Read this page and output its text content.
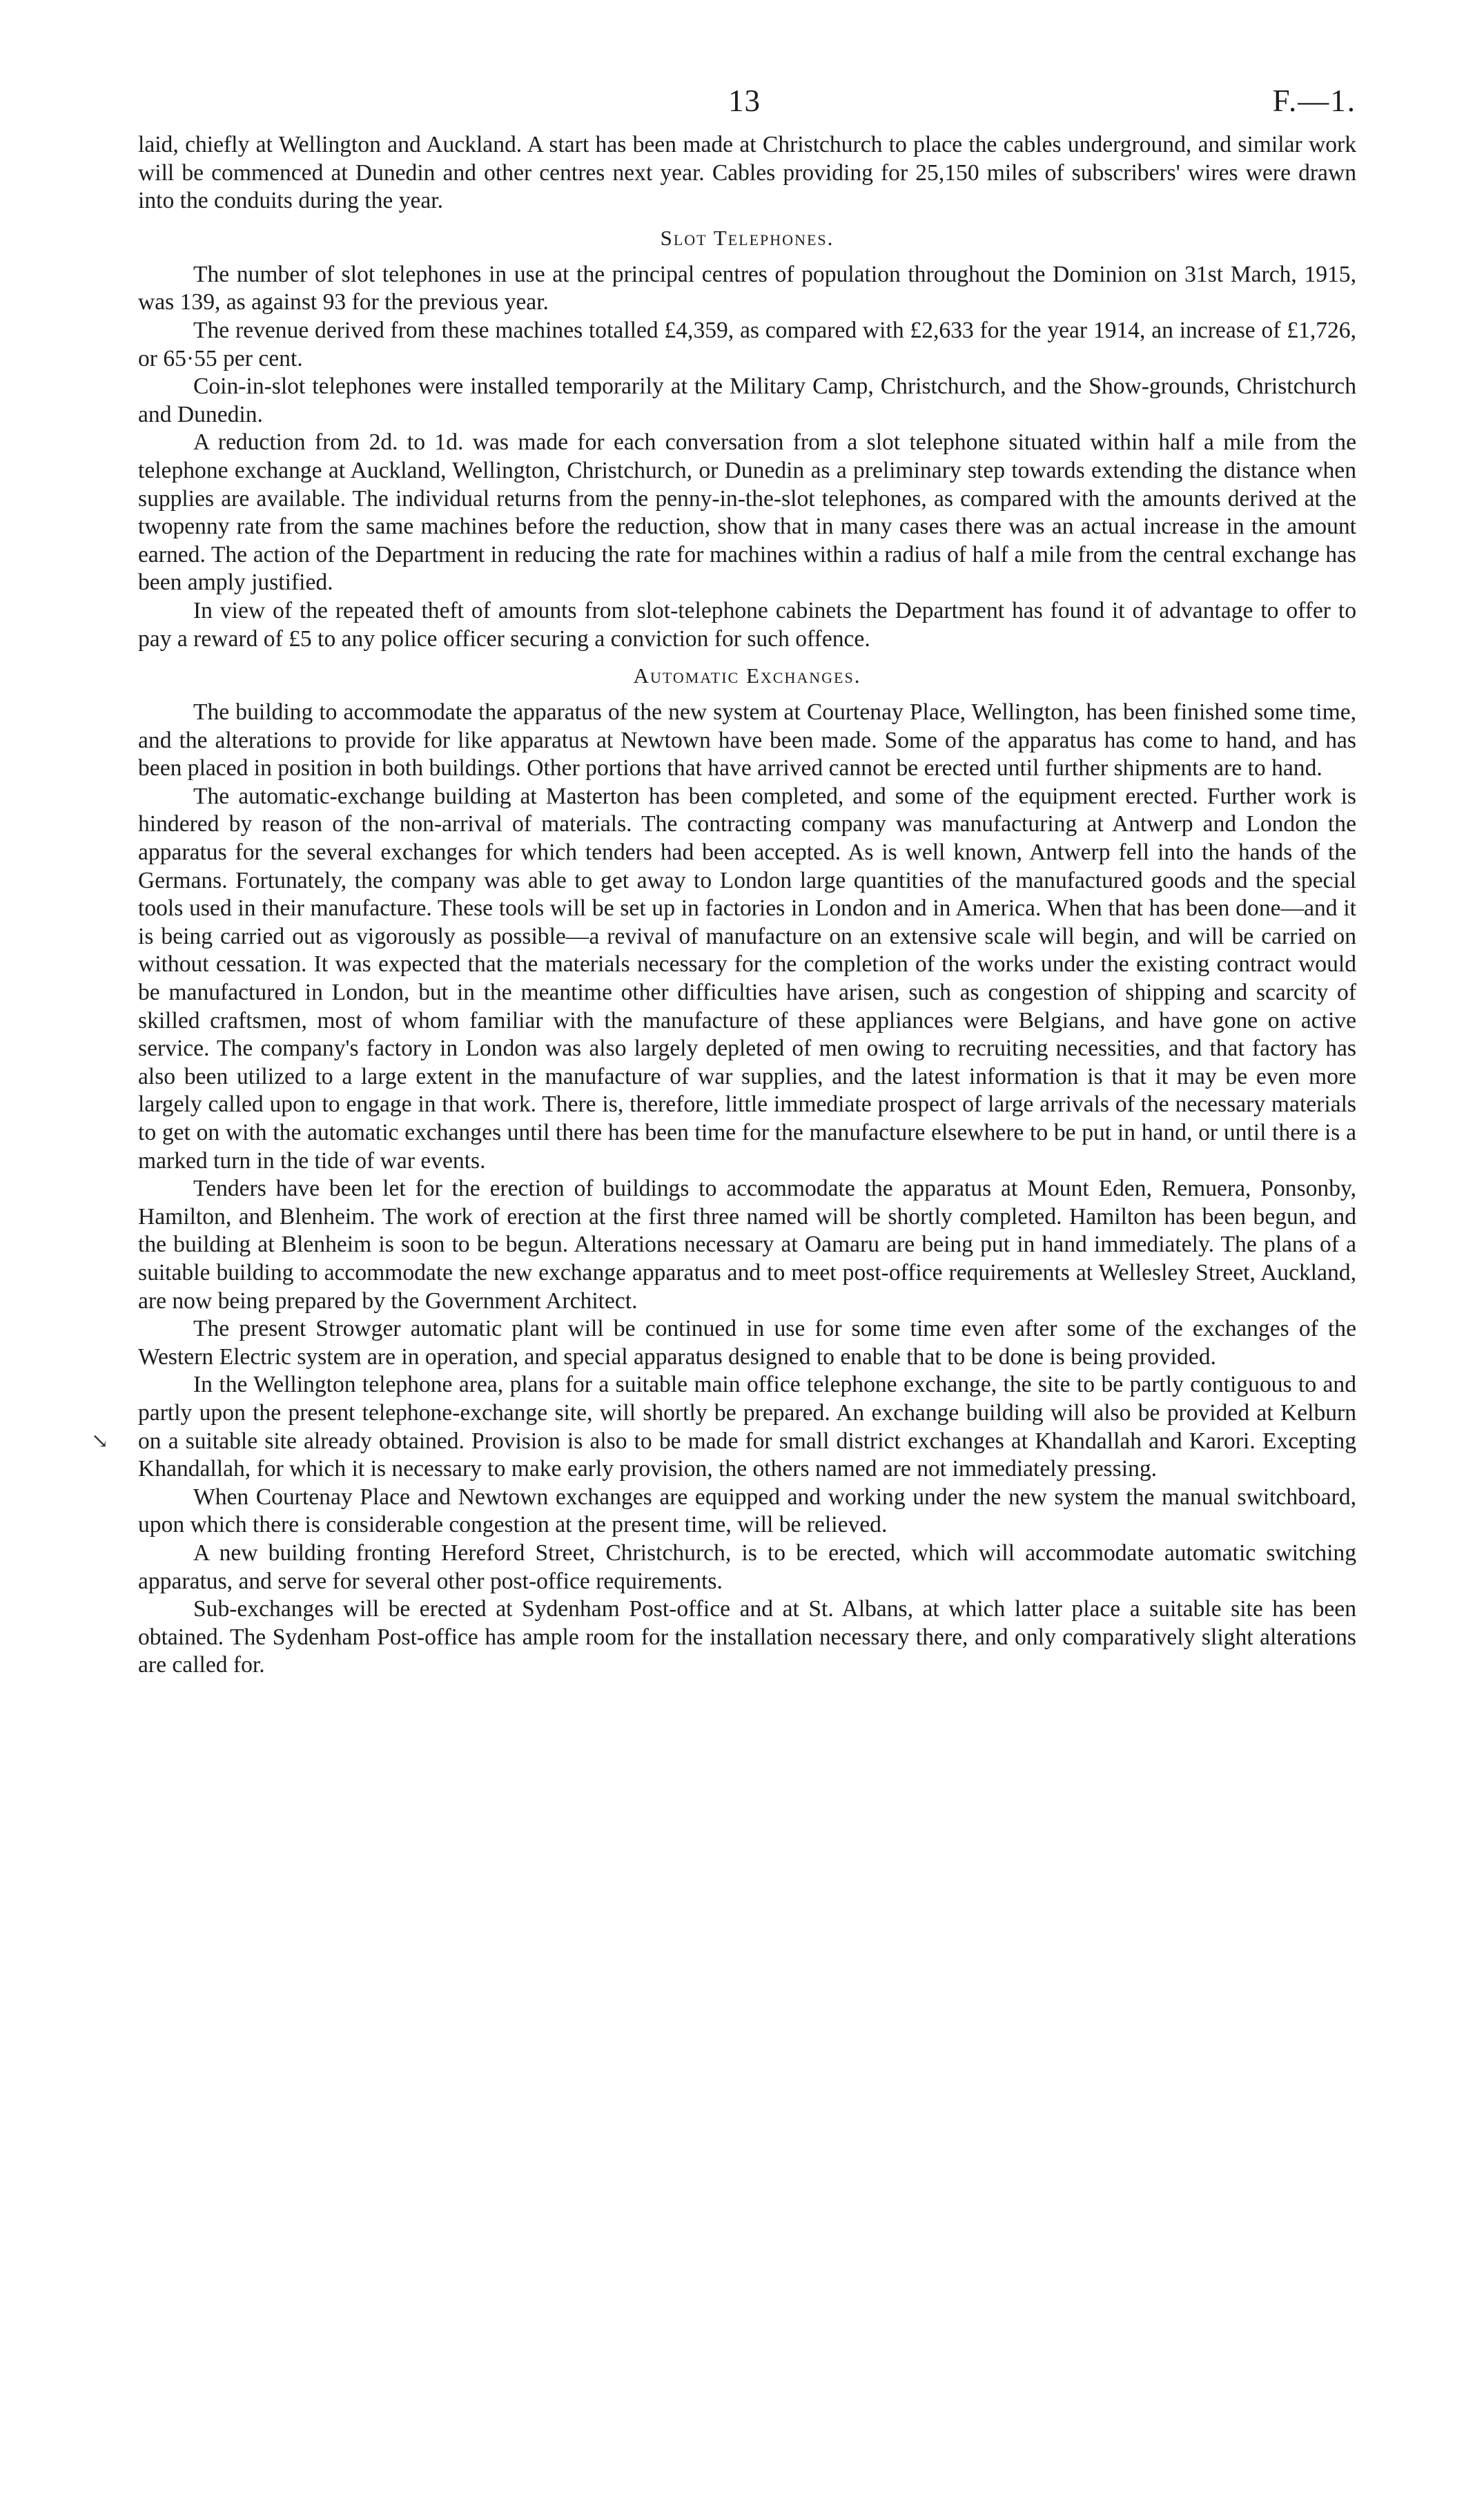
13	F.—1.

laid, chiefly at Wellington and Auckland. A start has been made at Christchurch to place the cables underground, and similar work will be commenced at Dunedin and other centres next year. Cables providing for 25,150 miles of subscribers' wires were drawn into the conduits during the year.

Slot Telephones.

The number of slot telephones in use at the principal centres of population throughout the Dominion on 31st March, 1915, was 139, as against 93 for the previous year.

The revenue derived from these machines totalled £4,359, as compared with £2,633 for the year 1914, an increase of £1,726, or 65·55 per cent.

Coin-in-slot telephones were installed temporarily at the Military Camp, Christchurch, and the Show-grounds, Christchurch and Dunedin.

A reduction from 2d. to 1d. was made for each conversation from a slot telephone situated within half a mile from the telephone exchange at Auckland, Wellington, Christchurch, or Dunedin as a preliminary step towards extending the distance when supplies are available. The individual returns from the penny-in-the-slot telephones, as compared with the amounts derived at the twopenny rate from the same machines before the reduction, show that in many cases there was an actual increase in the amount earned. The action of the Department in reducing the rate for machines within a radius of half a mile from the central exchange has been amply justified.

In view of the repeated theft of amounts from slot-telephone cabinets the Department has found it of advantage to offer to pay a reward of £5 to any police officer securing a conviction for such offence.

Automatic Exchanges.

The building to accommodate the apparatus of the new system at Courtenay Place, Wellington, has been finished some time, and the alterations to provide for like apparatus at Newtown have been made. Some of the apparatus has come to hand, and has been placed in position in both buildings. Other portions that have arrived cannot be erected until further shipments are to hand.

The automatic-exchange building at Masterton has been completed, and some of the equipment erected. Further work is hindered by reason of the non-arrival of materials. The contracting company was manufacturing at Antwerp and London the apparatus for the several exchanges for which tenders had been accepted. As is well known, Antwerp fell into the hands of the Germans. Fortunately, the company was able to get away to London large quantities of the manufactured goods and the special tools used in their manufacture. These tools will be set up in factories in London and in America. When that has been done—and it is being carried out as vigorously as possible—a revival of manufacture on an extensive scale will begin, and will be carried on without cessation. It was expected that the materials necessary for the completion of the works under the existing contract would be manufactured in London, but in the meantime other difficulties have arisen, such as congestion of shipping and scarcity of skilled craftsmen, most of whom familiar with the manufacture of these appliances were Belgians, and have gone on active service. The company's factory in London was also largely depleted of men owing to recruiting necessities, and that factory has also been utilized to a large extent in the manufacture of war supplies, and the latest information is that it may be even more largely called upon to engage in that work. There is, therefore, little immediate prospect of large arrivals of the necessary materials to get on with the automatic exchanges until there has been time for the manufacture elsewhere to be put in hand, or until there is a marked turn in the tide of war events.

Tenders have been let for the erection of buildings to accommodate the apparatus at Mount Eden, Remuera, Ponsonby, Hamilton, and Blenheim. The work of erection at the first three named will be shortly completed. Hamilton has been begun, and the building at Blenheim is soon to be begun. Alterations necessary at Oamaru are being put in hand immediately. The plans of a suitable building to accommodate the new exchange apparatus and to meet post-office requirements at Wellesley Street, Auckland, are now being prepared by the Government Architect.

The present Strowger automatic plant will be continued in use for some time even after some of the exchanges of the Western Electric system are in operation, and special apparatus designed to enable that to be done is being provided.

In the Wellington telephone area, plans for a suitable main office telephone exchange, the site to be partly contiguous to and partly upon the present telephone-exchange site, will shortly be prepared. An exchange building will also be provided at Kelburn on a suitable site already obtained. Provision is also to be made for small district exchanges at Khandallah and Karori. Excepting Khandallah, for which it is necessary to make early provision, the others named are not immediately pressing.

When Courtenay Place and Newtown exchanges are equipped and working under the new system the manual switchboard, upon which there is considerable congestion at the present time, will be relieved.

A new building fronting Hereford Street, Christchurch, is to be erected, which will accommodate automatic switching apparatus, and serve for several other post-office requirements.

Sub-exchanges will be erected at Sydenham Post-office and at St. Albans, at which latter place a suitable site has been obtained. The Sydenham Post-office has ample room for the installation necessary there, and only comparatively slight alterations are called for.

↘
